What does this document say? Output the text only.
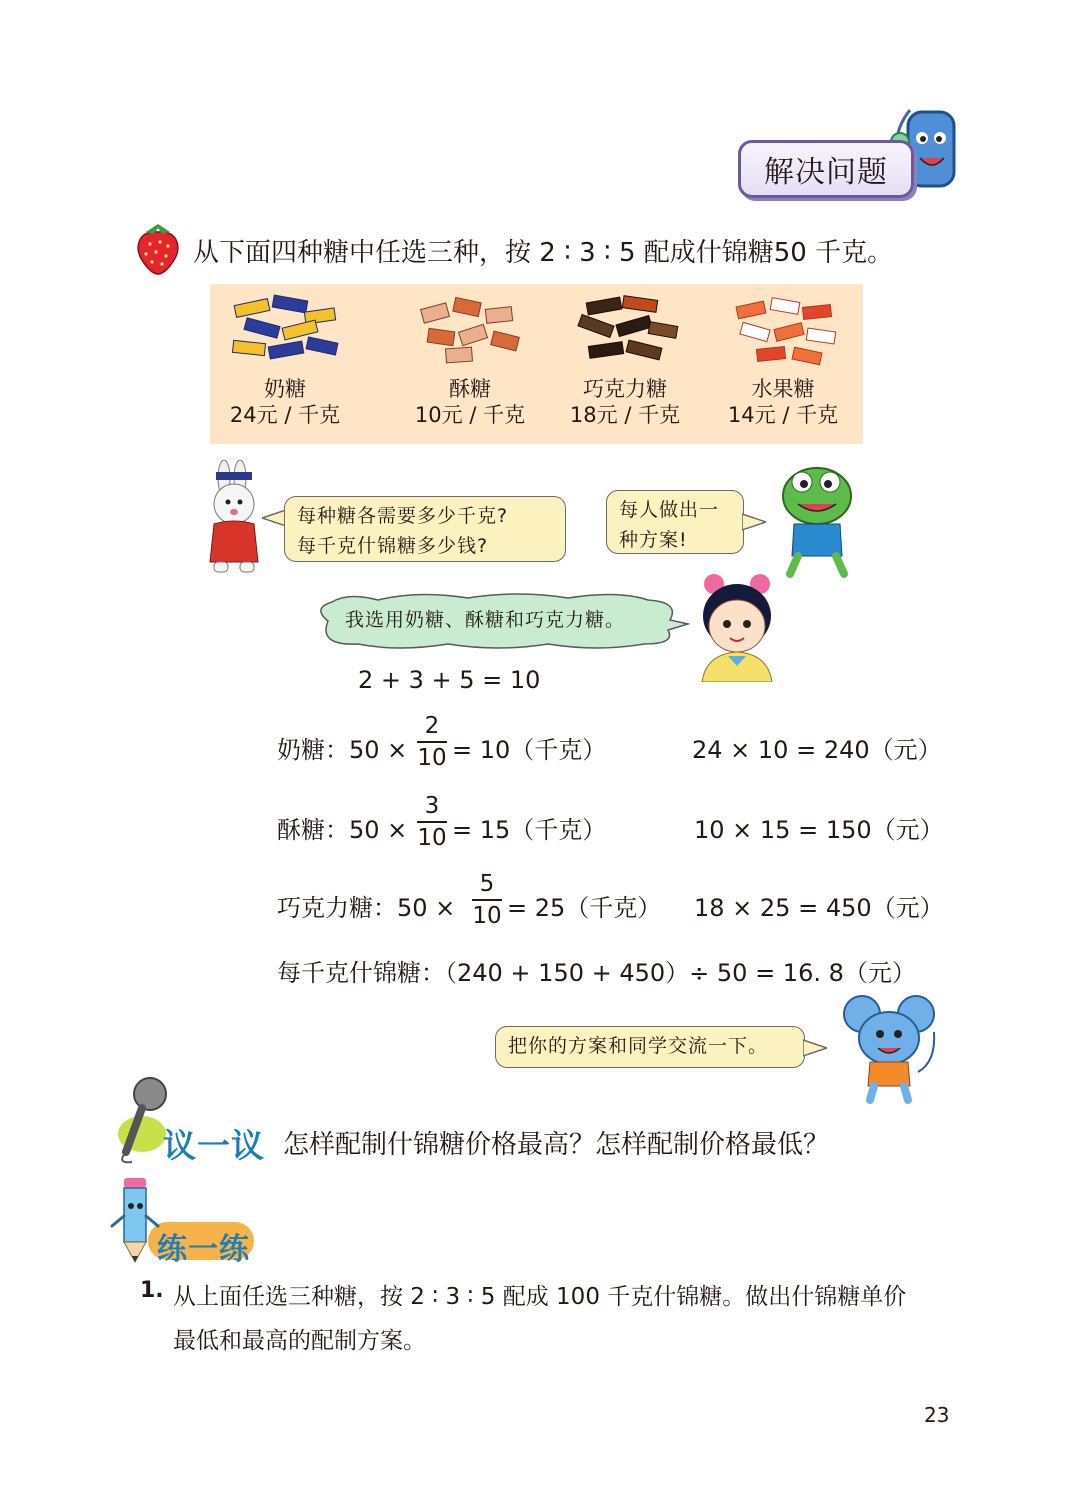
解决问题
从下面四种糖中任选三种，按 2 ∶ 3 ∶ 5 配成什锦糖50 千克。
奶糖
24元 / 千克
酥糖
10元 / 千克
巧克力糖
18元 / 千克
水果糖
14元 / 千克
每种糖各需要多少千克?
每千克什锦糖多少钱?
每人做出一
种方案!
我选用奶糖、酥糖和巧克力糖。
2 + 3 + 5 = 10
奶糖：50 ×
2
10 = 10（千克）	24 × 10 = 240（元）
酥糖：50 ×
3
10 = 15（千克）	10 × 15 = 150（元）
巧克力糖：50 ×
5
10 = 25（千克） 18 × 25 = 450（元）
每千克什锦糖：（240 + 150 + 450）÷ 50 = 16. 8（元）
把你的方案和同学交流一下。
议一议 怎样配制什锦糖价格最高？怎样配制价格最低？
练一练
1. 从上面任选三种糖，按 2 ∶ 3 ∶ 5 配成 100 千克什锦糖。做出什锦糖单价
最低和最高的配制方案。
23
